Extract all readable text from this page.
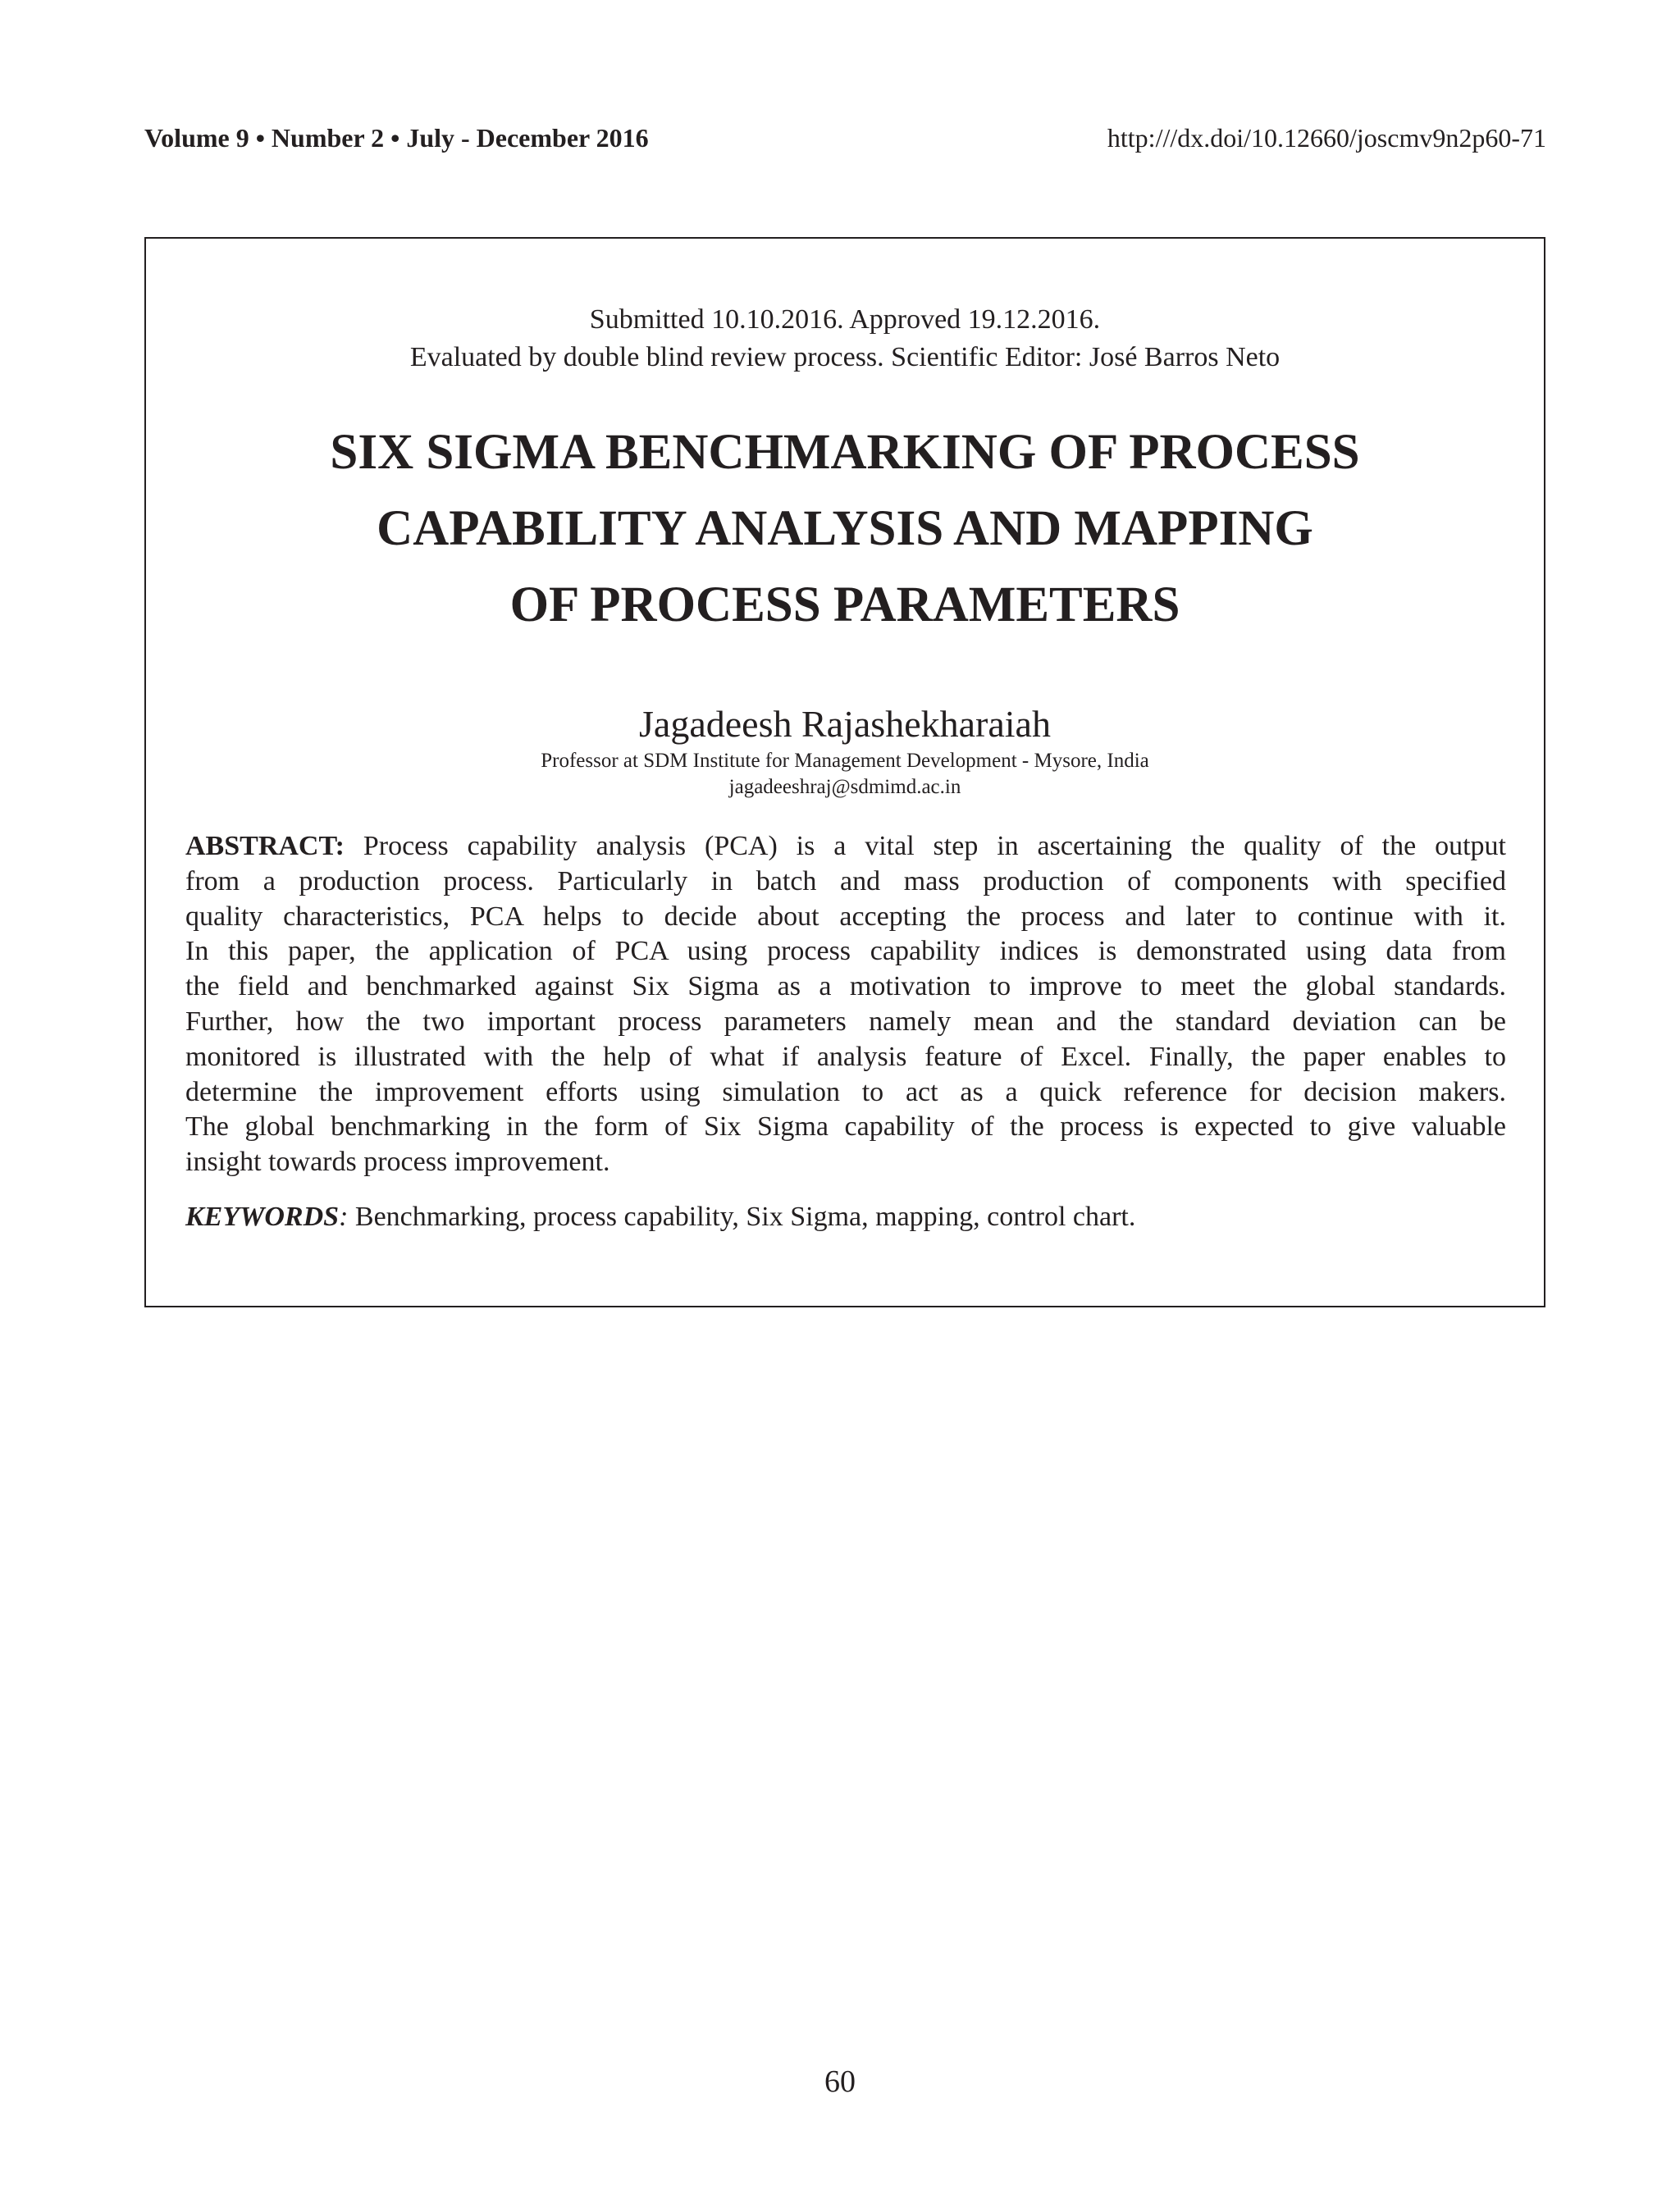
Volume 9 • Number 2 • July - December 2016	http:///dx.doi/10.12660/joscmv9n2p60-71
Submitted 10.10.2016. Approved 19.12.2016.
Evaluated by double blind review process. Scientific Editor: José Barros Neto
SIX SIGMA BENCHMARKING OF PROCESS
CAPABILITY ANALYSIS AND MAPPING
OF PROCESS PARAMETERS
Jagadeesh Rajashekharaiah
Professor at SDM Institute for Management Development - Mysore, India
jagadeeshraj@sdmimd.ac.in
ABSTRACT: Process capability analysis (PCA) is a vital step in ascertaining the quality of the output
from a production process. Particularly in batch and mass production of components with specified
quality characteristics, PCA helps to decide about accepting the process and later to continue with it.
In this paper, the application of PCA using process capability indices is demonstrated using data from
the field and benchmarked against Six Sigma as a motivation to improve to meet the global standards.
Further, how the two important process parameters namely mean and the standard deviation can be
monitored is illustrated with the help of what if analysis feature of Excel. Finally, the paper enables to
determine the improvement efforts using simulation to act as a quick reference for decision makers.
The global benchmarking in the form of Six Sigma capability of the process is expected to give valuable
insight towards process improvement.
KEYWORDS: Benchmarking, process capability, Six Sigma, mapping, control chart.
60
